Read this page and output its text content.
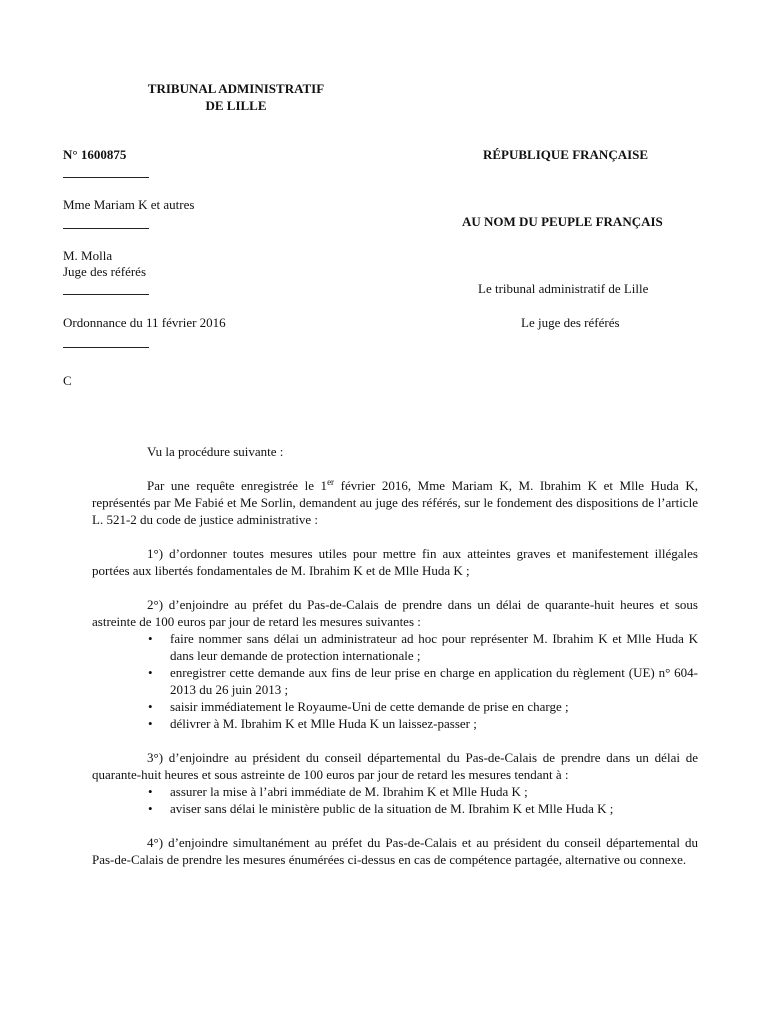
TRIBUNAL ADMINISTRATIF
DE LILLE
N° 1600875	RÉPUBLIQUE FRANÇAISE
Mme Mariam K et autres
AU NOM DU PEUPLE FRANÇAIS
M. Molla
Juge des référés
Le tribunal administratif de Lille
Ordonnance du 11 février 2016	Le juge des référés
C

Vu la procédure suivante :

Par une requête enregistrée le 1er février 2016, Mme Mariam K, M. Ibrahim K et Mlle Huda K, représentés par Me Fabié et Me Sorlin, demandent au juge des référés, sur le fondement des dispositions de l’article L. 521-2 du code de justice administrative :

1°) d’ordonner toutes mesures utiles pour mettre fin aux atteintes graves et manifestement illégales portées aux libertés fondamentales de M. Ibrahim K et de Mlle Huda K ;

2°) d’enjoindre au préfet du Pas-de-Calais de prendre dans un délai de quarante-huit heures et sous astreinte de 100 euros par jour de retard les mesures suivantes :

• faire nommer sans délai un administrateur ad hoc pour représenter M. Ibrahim K et Mlle Huda K dans leur demande de protection internationale ;
• enregistrer cette demande aux fins de leur prise en charge en application du règlement (UE) n° 604-2013 du 26 juin 2013 ;
• saisir immédiatement le Royaume-Uni de cette demande de prise en charge ;
• délivrer à M. Ibrahim K et Mlle Huda K un laissez-passer ;

3°) d’enjoindre au président du conseil départemental du Pas-de-Calais de prendre dans un délai de quarante-huit heures et sous astreinte de 100 euros par jour de retard les mesures tendant à :

• assurer la mise à l’abri immédiate de M. Ibrahim K et Mlle Huda K ;
• aviser sans délai le ministère public de la situation de M. Ibrahim K et Mlle Huda K ;

4°) d’enjoindre simultanément au préfet du Pas-de-Calais et au président du conseil départemental du Pas-de-Calais de prendre les mesures énumérées ci-dessus en cas de compétence partagée, alternative ou connexe.
